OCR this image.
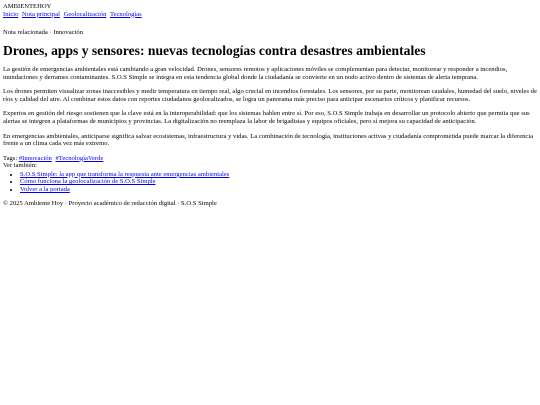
AMBIENTEHOY
Inicio Nota principal Geolocalización Tecnologías
Nota relacionada · Innovación
Drones, apps y sensores: nuevas tecnologías contra desastres ambientales

La gestión de emergencias ambientales está cambiando a gran velocidad. Drones, sensores remotos y aplicaciones móviles se complementan para detectar, monitorear y responder a incendios, inundaciones y derrames contaminantes. S.O.S Simple se integra en esta tendencia global donde la ciudadanía se convierte en un nodo activo dentro de sistemas de alerta temprana.

Los drones permiten visualizar zonas inaccesibles y medir temperatura en tiempo real, algo crucial en incendios forestales. Los sensores, por su parte, monitorean caudales, humedad del suelo, niveles de ríos y calidad del aire. Al combinar estos datos con reportes ciudadanos geolocalizados, se logra un panorama más preciso para anticipar escenarios críticos y planificar recursos.

Expertos en gestión del riesgo sostienen que la clave está en la interoperabilidad: que los sistemas hablen entre sí. Por eso, S.O.S Simple trabaja en desarrollar un protocolo abierto que permita que sus alertas se integren a plataformas de municipios y provincias. La digitalización no reemplaza la labor de brigadistas y equipos oficiales, pero sí mejora su capacidad de anticipación.

En emergencias ambientales, anticiparse significa salvar ecosistemas, infraestructura y vidas. La combinación de tecnología, instituciones activas y ciudadanía comprometida puede marcar la diferencia frente a un clima cada vez más extremo.

Tags: #Innovación #TecnologíaVerde
Ver también:
• S.O.S Simple: la app que transforma la respuesta ante emergencias ambientales
• Cómo funciona la geolocalización de S.O.S Simple
• Volver a la portada
© 2025 Ambiente Hoy · Proyecto académico de redacción digital · S.O.S Simple
